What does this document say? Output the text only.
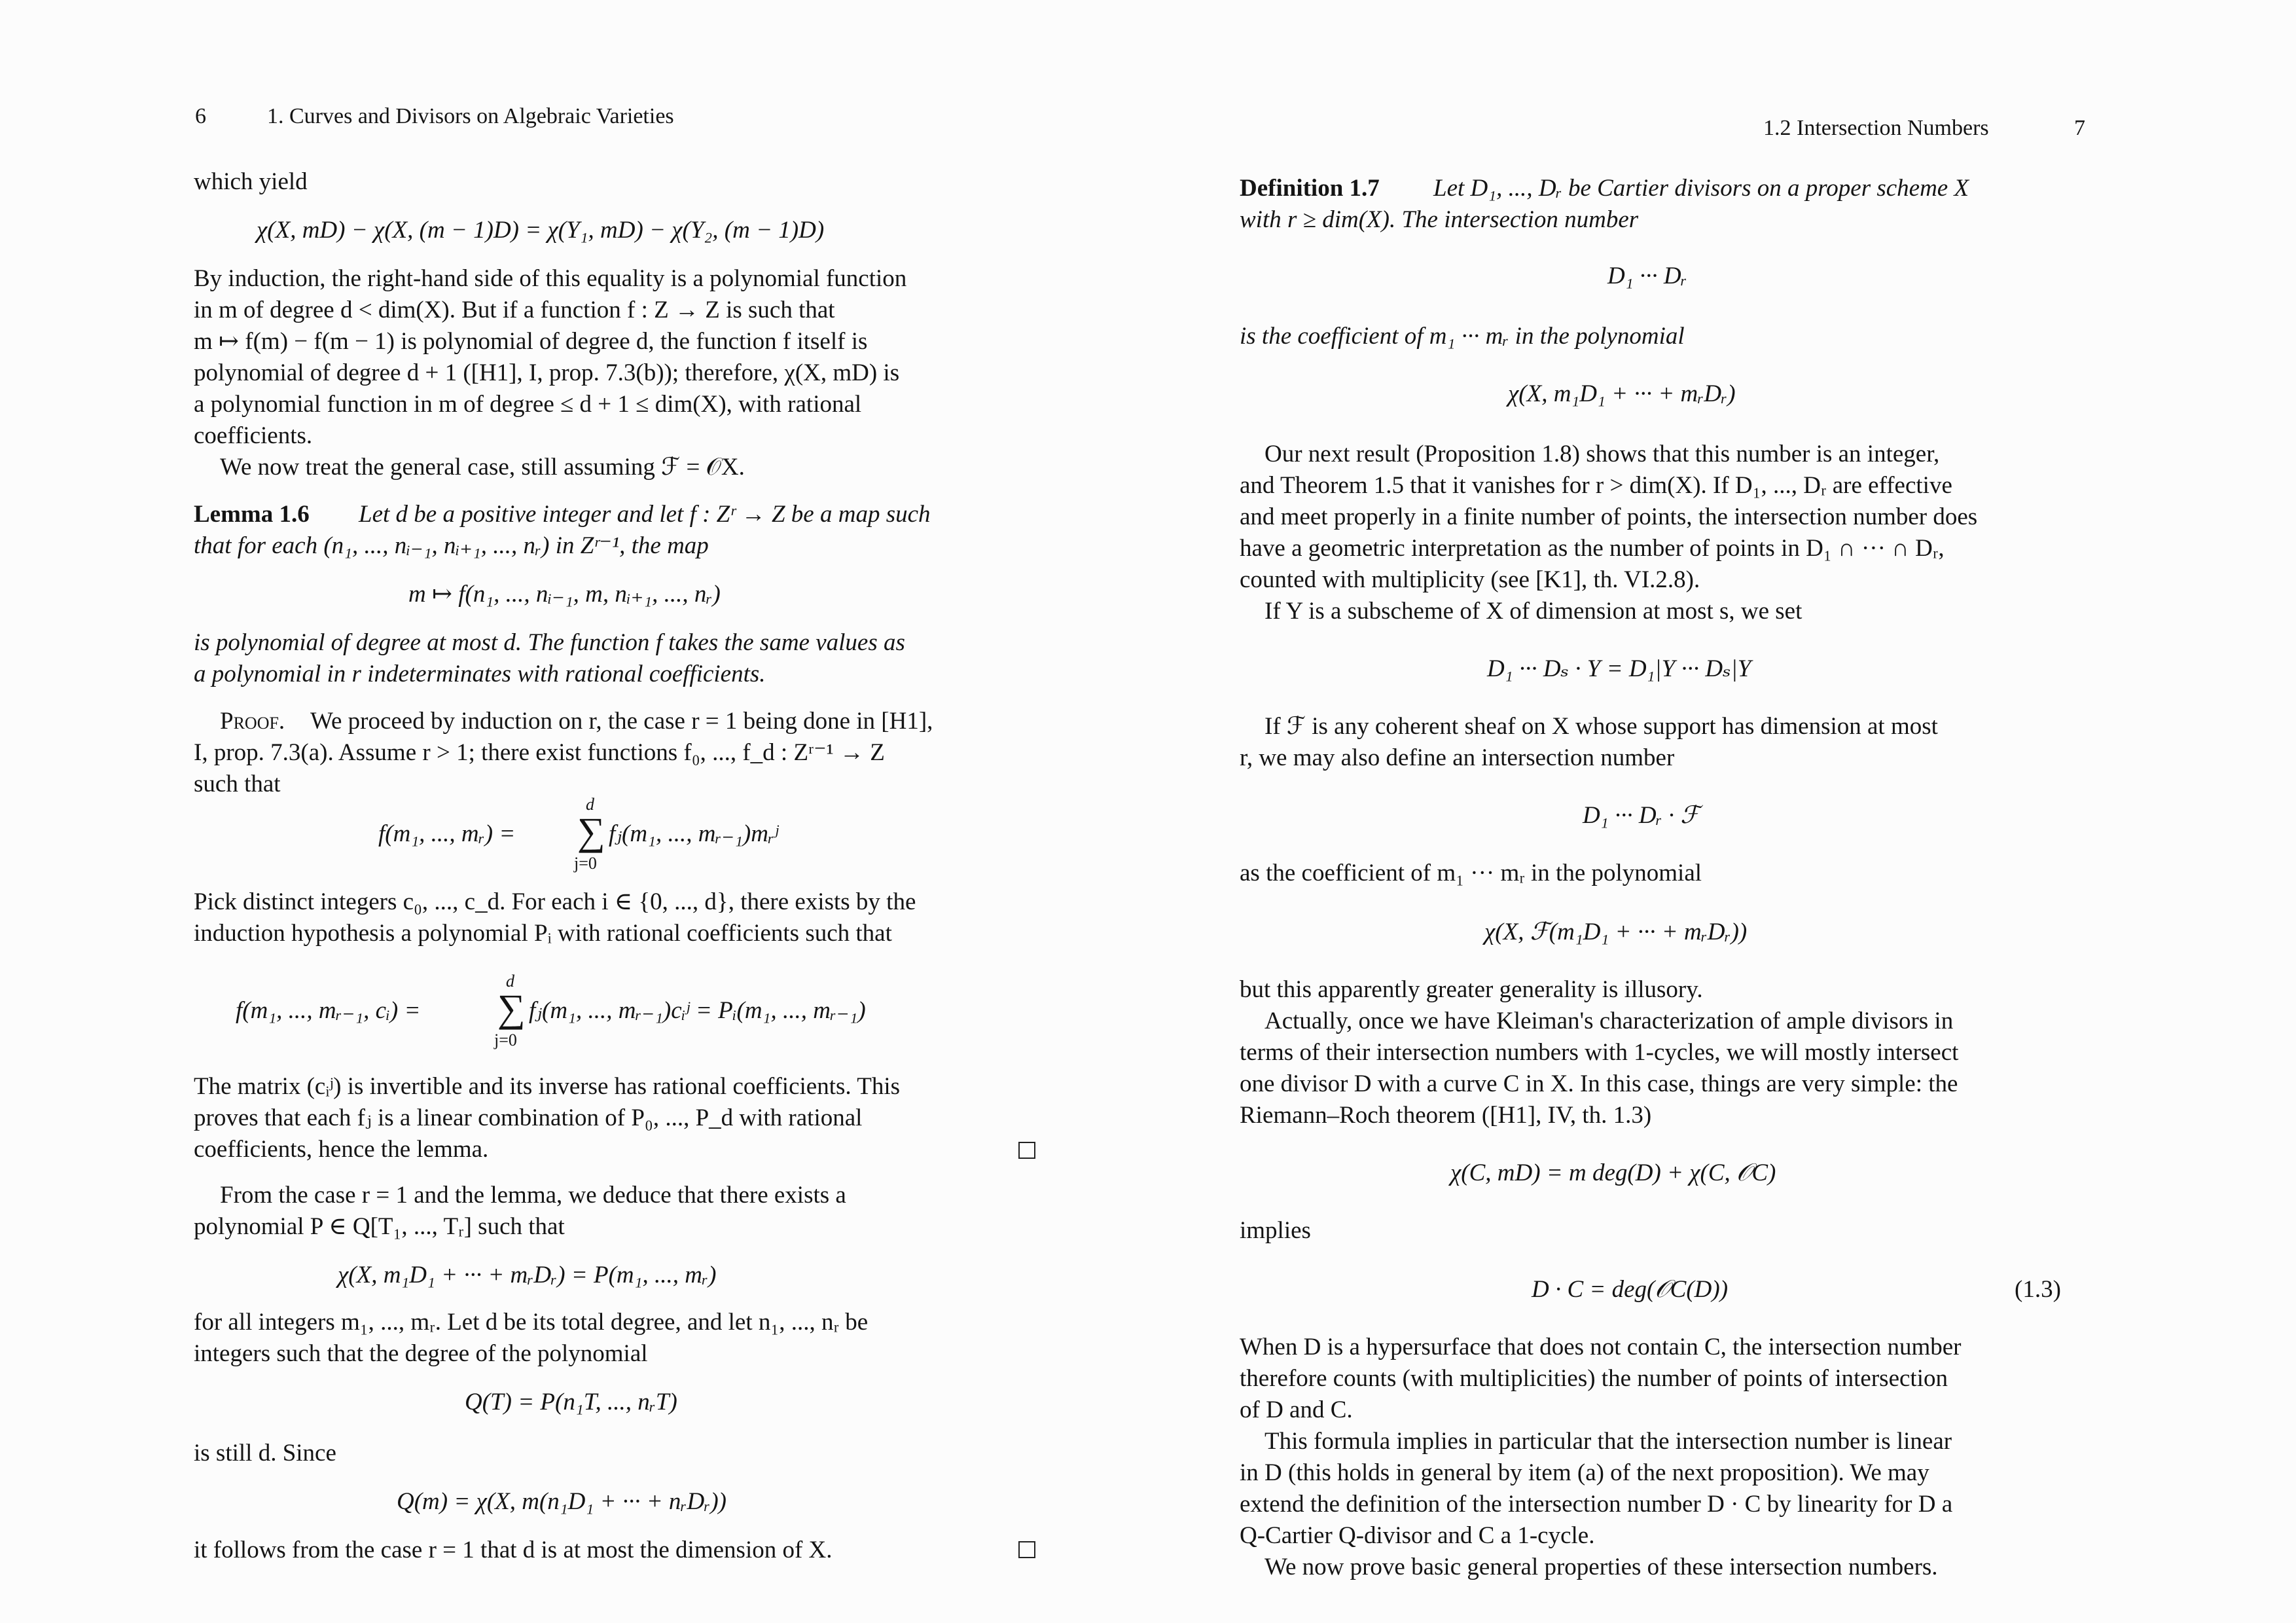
6	1. Curves and Divisors on Algebraic Varieties

which yield

χ(X, mD) − χ(X, (m − 1)D) = χ(Y₁, mD) − χ(Y₂, (m − 1)D)

By induction, the right-hand side of this equality is a polynomial function

in m of degree d < dim(X). But if a function f : Z → Z is such that

m ↦ f(m) − f(m − 1) is polynomial of degree d, the function f itself is

polynomial of degree d + 1 ([H1], I, prop. 7.3(b)); therefore, χ(X, mD) is

a polynomial function in m of degree ≤ d + 1 ≤ dim(X), with rational

coefficients.

We now treat the general case, still assuming ℱ = 𝒪X.

Lemma 1.6 Let d be a positive integer and let f : Zʳ → Z be a map such

that for each (n₁, ..., nᵢ₋₁, nᵢ₊₁, ..., nᵣ) in Zʳ⁻¹, the map

m ↦ f(n₁, ..., nᵢ₋₁, m, nᵢ₊₁, ..., nᵣ)

is polynomial of degree at most d. The function f takes the same values as

a polynomial in r indeterminates with rational coefficients.

Proof. We proceed by induction on r, the case r = 1 being done in [H1],

I, prop. 7.3(a). Assume r > 1; there exist functions f₀, ..., f_d : Zʳ⁻¹ → Z

such that

f(m₁, ..., mᵣ) =

d

∑

j=0

fⱼ(m₁, ..., mᵣ₋₁)mᵣʲ

Pick distinct integers c₀, ..., c_d. For each i ∈ {0, ..., d}, there exists by the

induction hypothesis a polynomial Pᵢ with rational coefficients such that

f(m₁, ..., mᵣ₋₁, cᵢ) =

d

∑

j=0

fⱼ(m₁, ..., mᵣ₋₁)cᵢʲ = Pᵢ(m₁, ..., mᵣ₋₁)

The matrix (cᵢʲ) is invertible and its inverse has rational coefficients. This

proves that each fⱼ is a linear combination of P₀, ..., P_d with rational

coefficients, hence the lemma.

From the case r = 1 and the lemma, we deduce that there exists a

polynomial P ∈ Q[T₁, ..., Tᵣ] such that

χ(X, m₁D₁ + ··· + mᵣDᵣ) = P(m₁, ..., mᵣ)

for all integers m₁, ..., mᵣ. Let d be its total degree, and let n₁, ..., nᵣ be

integers such that the degree of the polynomial

Q(T) = P(n₁T, ..., nᵣT)

is still d. Since

Q(m) = χ(X, m(n₁D₁ + ··· + nᵣDᵣ))

it follows from the case r = 1 that d is at most the dimension of X.

1.2 Intersection Numbers	7

Definition 1.7 Let D₁, ..., Dᵣ be Cartier divisors on a proper scheme X

with r ≥ dim(X). The intersection number

D₁ ··· Dᵣ

is the coefficient of m₁ ··· mᵣ in the polynomial

χ(X, m₁D₁ + ··· + mᵣDᵣ)

Our next result (Proposition 1.8) shows that this number is an integer,

and Theorem 1.5 that it vanishes for r > dim(X). If D₁, ..., Dᵣ are effective

and meet properly in a finite number of points, the intersection number does

have a geometric interpretation as the number of points in D₁ ∩ ··· ∩ Dᵣ,

counted with multiplicity (see [K1], th. VI.2.8).

If Y is a subscheme of X of dimension at most s, we set

D₁ ··· Dₛ · Y = D₁|Y ··· Dₛ|Y

If ℱ is any coherent sheaf on X whose support has dimension at most

r, we may also define an intersection number

D₁ ··· Dᵣ · ℱ

as the coefficient of m₁ ··· mᵣ in the polynomial

χ(X, ℱ(m₁D₁ + ··· + mᵣDᵣ))

but this apparently greater generality is illusory.

Actually, once we have Kleiman's characterization of ample divisors in

terms of their intersection numbers with 1-cycles, we will mostly intersect

one divisor D with a curve C in X. In this case, things are very simple: the

Riemann–Roch theorem ([H1], IV, th. 1.3)

χ(C, mD) = m deg(D) + χ(C, 𝒪C)

implies

D · C = deg(𝒪C(D))	(1.3)

When D is a hypersurface that does not contain C, the intersection number

therefore counts (with multiplicities) the number of points of intersection

of D and C.

This formula implies in particular that the intersection number is linear

in D (this holds in general by item (a) of the next proposition). We may

extend the definition of the intersection number D · C by linearity for D a

Q-Cartier Q-divisor and C a 1-cycle.

We now prove basic general properties of these intersection numbers.
